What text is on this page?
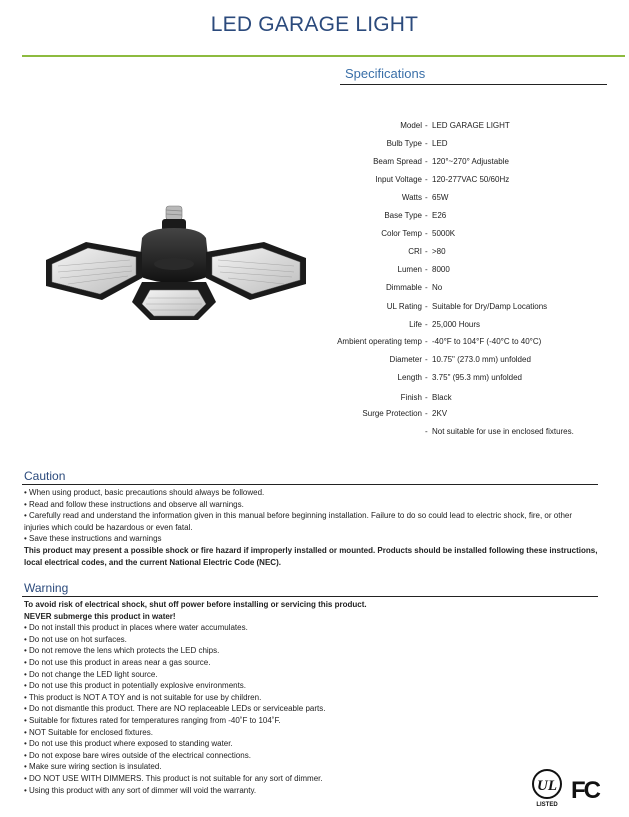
LED GARAGE LIGHT
Specifications
Model - LED GARAGE LIGHT
Bulb Type - LED
Beam Spread - 120°~270° Adjustable
Input Voltage - 120-277VAC 50/60Hz
Watts - 65W
Base Type - E26
Color Temp - 5000K
CRI - >80
Lumen - 8000
Dimmable - No
UL Rating - Suitable for Dry/Damp Locations
Life - 25,000 Hours
Ambient operating temp - -40°F to 104°F (-40°C to 40°C)
Diameter - 10.75" (273.0 mm) unfolded
Length - 3.75" (95.3 mm) unfolded
Finish - Black
Surge Protection - 2KV
- Not suitable for use in enclosed fixtures.
Caution
• When using product, basic precautions should always be followed.
• Read and follow these instructions and observe all warnings.
• Carefully read and understand the information given in this manual before beginning installation. Failure to do so could lead to electric shock, fire, or other injuries which could be hazardous or even fatal.
• Save these instructions and warnings
This product may present a possible shock or fire hazard if improperly installed or mounted. Products should be installed following these instructions, local electrical codes, and the current National Electric Code (NEC).
Warning
To avoid risk of electrical shock, shut off power before installing or servicing this product.
NEVER submerge this product in water!
• Do not install this product in places where water accumulates.
• Do not use on hot surfaces.
• Do not remove the lens which protects the LED chips.
• Do not use this product in areas near a gas source.
• Do not change the LED light source.
• Do not use this product in potentially explosive environments.
• This product is NOT A TOY and is not suitable for use by children.
• Do not dismantle this product. There are NO replaceable LEDs or serviceable parts.
• Suitable for fixtures rated for temperatures ranging from -40˚F to 104˚F.
• NOT Suitable for enclosed fixtures.
• Do not use this product where exposed to standing water.
• Do not expose bare wires outside of the electrical connections.
• Make sure wiring section is insulated.
• DO NOT USE WITH DIMMERS. This product is not suitable for any sort of dimmer.
• Using this product with any sort of dimmer will void the warranty.	UL
LISTED
FC
